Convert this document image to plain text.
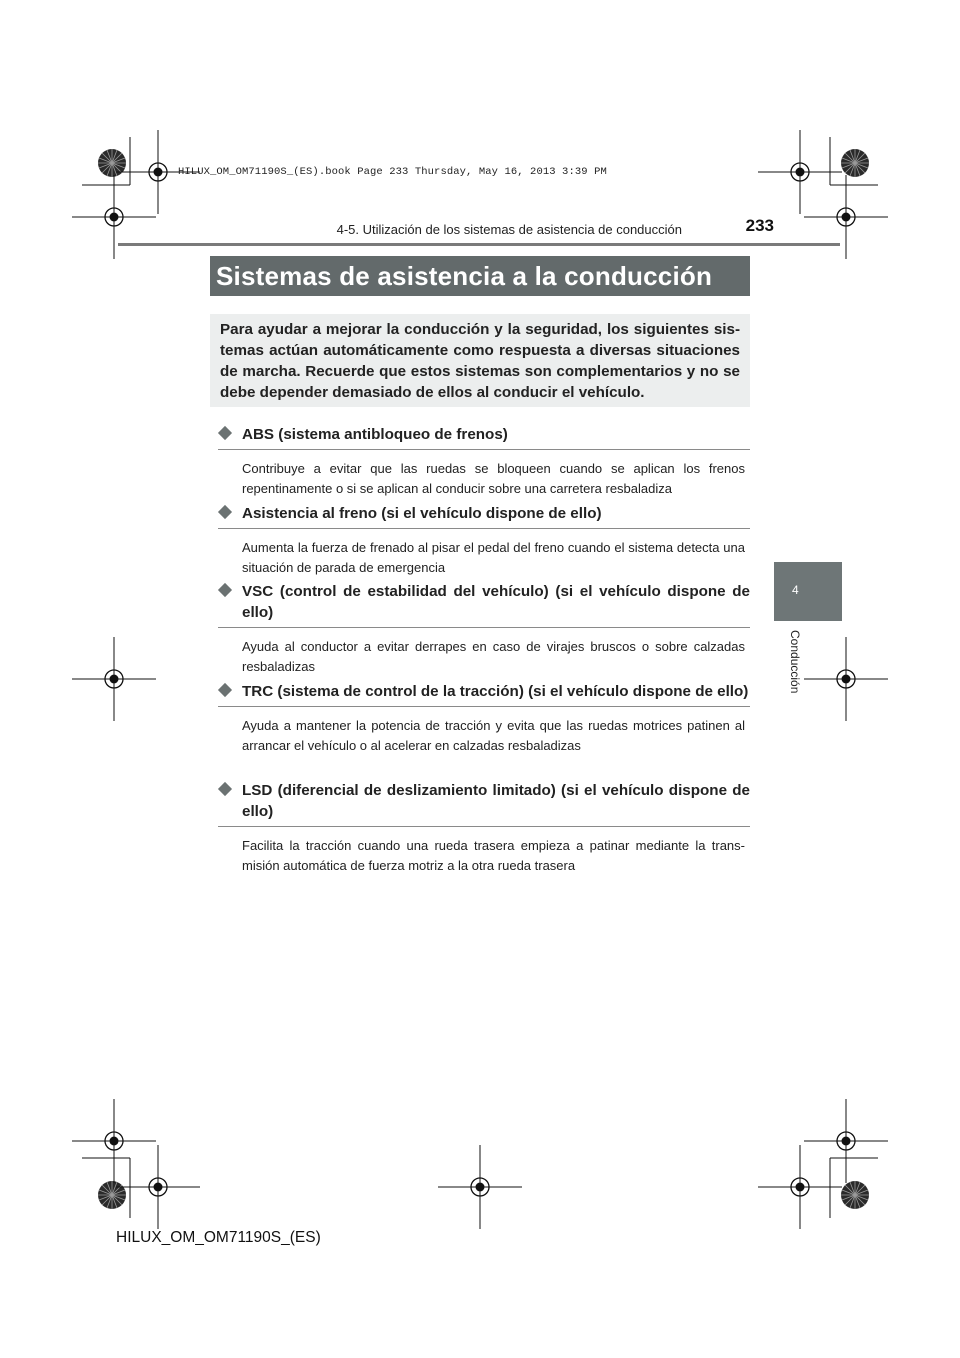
HILUX_OM_OM71190S_(ES).book Page 233 Thursday, May 16, 2013 3:39 PM
4-5. Utilización de los sistemas de asistencia de conducción	233
Sistemas de asistencia a la conducción
Para ayudar a mejorar la conducción y la seguridad, los siguientes sis-temas actúan automáticamente como respuesta a diversas situaciones de marcha. Recuerde que estos sistemas son complementarios y no se debe depender demasiado de ellos al conducir el vehículo.
ABS (sistema antibloqueo de frenos)
Contribuye a evitar que las ruedas se bloqueen cuando se aplican los frenos repentinamente o si se aplican al conducir sobre una carretera resbaladiza
Asistencia al freno (si el vehículo dispone de ello)
Aumenta la fuerza de frenado al pisar el pedal del freno cuando el sistema detecta una situación de parada de emergencia
VSC (control de estabilidad del vehículo) (si el vehículo dispone de ello)
Ayuda al conductor a evitar derrapes en caso de virajes bruscos o sobre calzadas resbaladizas
TRC (sistema de control de la tracción) (si el vehículo dispone de ello)
Ayuda a mantener la potencia de tracción y evita que las ruedas motrices patinen al arrancar el vehículo o al acelerar en calzadas resbaladizas
LSD (diferencial de deslizamiento limitado) (si el vehículo dispone de ello)
Facilita la tracción cuando una rueda trasera empieza a patinar mediante la trans-misión automática de fuerza motriz a la otra rueda trasera
4
Conducción
HILUX_OM_OM71190S_(ES)
